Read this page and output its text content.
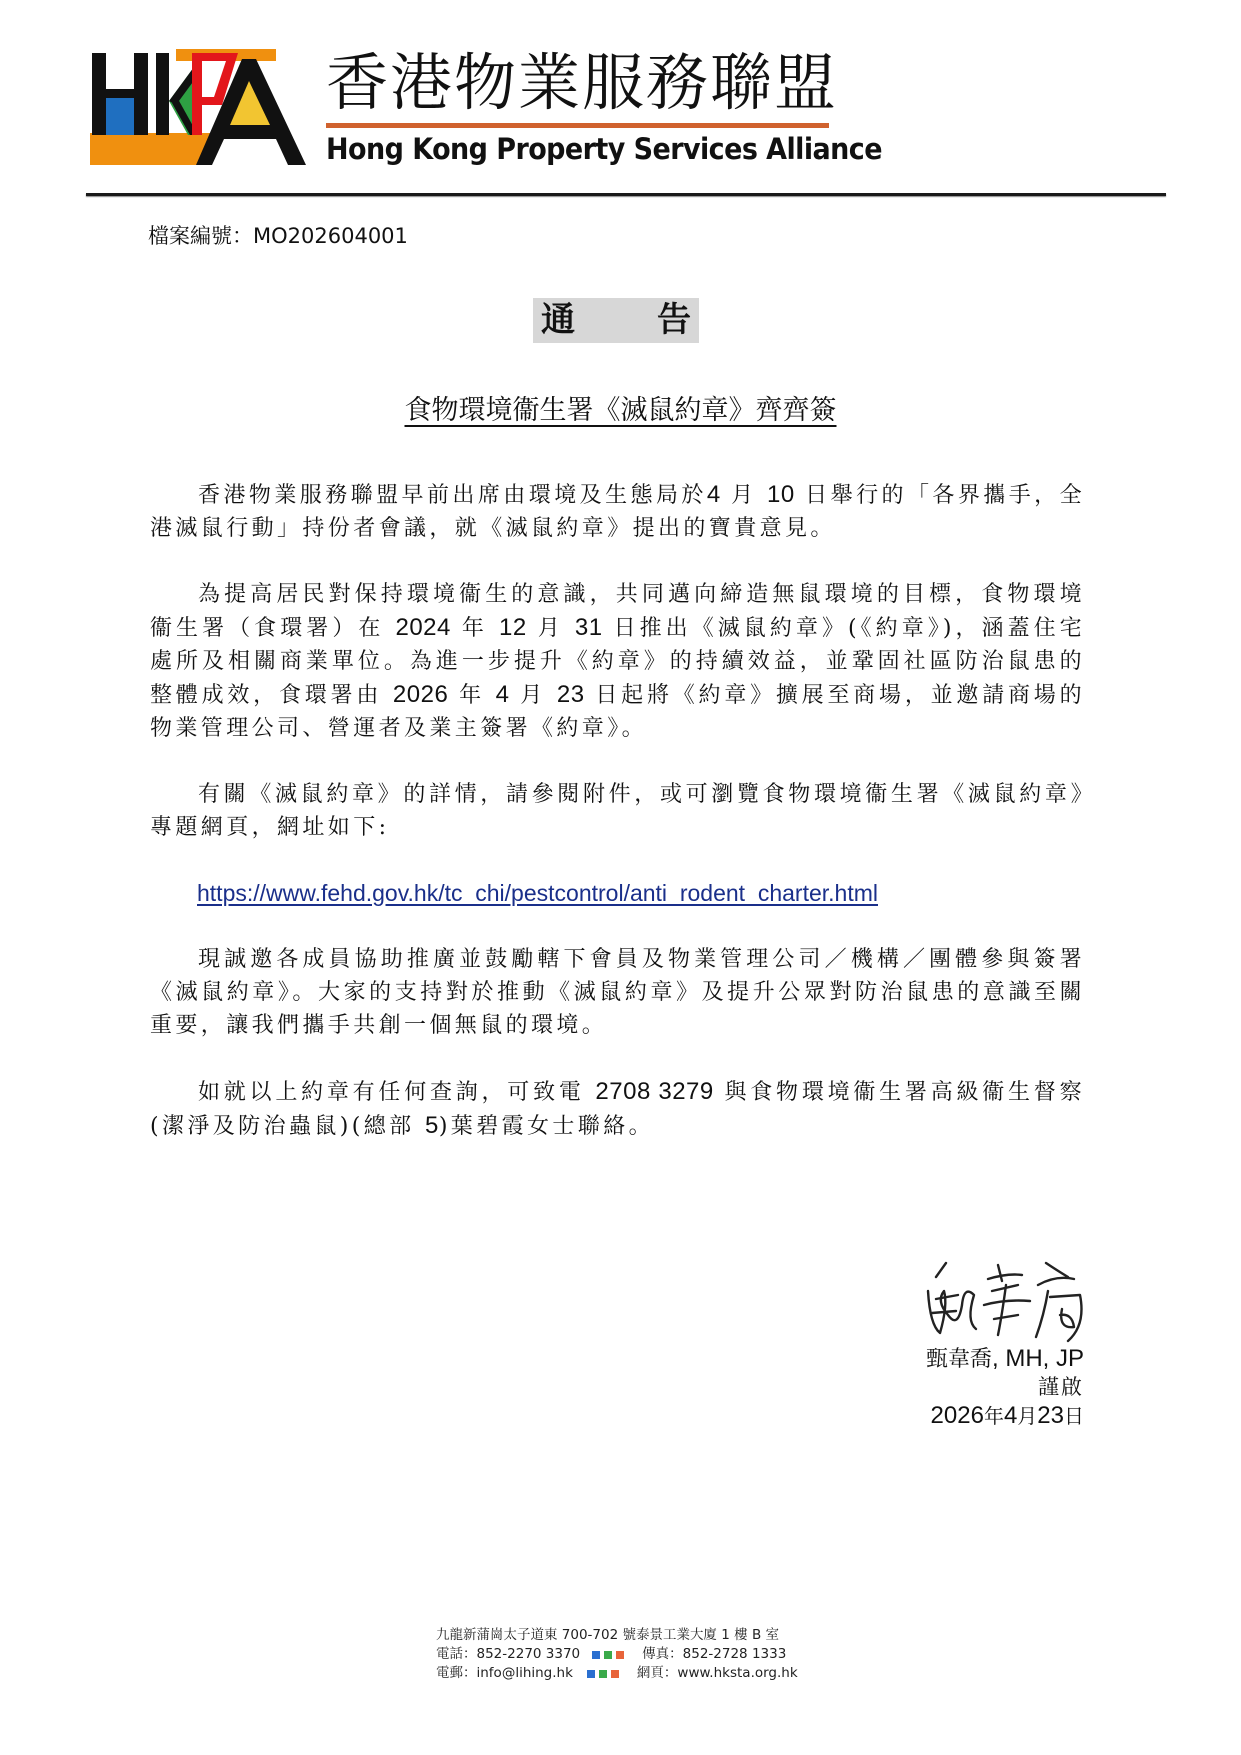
香港物業服務聯盟
Hong Kong Property Services Alliance
檔案編號：MO202604001
通 告
食物環境衞生署《滅鼠約章》齊齊簽

香港物業服務聯盟早前出席由環境及生態局於4 月 10 日舉行的「各界攜手，全港滅鼠行動」持份者會議，就《滅鼠約章》提出的寶貴意見。

為提高居民對保持環境衞生的意識，共同邁向締造無鼠環境的目標，食物環境衞生署（食環署）在 2024 年 12 月 31 日推出《滅鼠約章》(《約章》)，涵蓋住宅處所及相關商業單位。為進一步提升《約章》的持續效益，並鞏固社區防治鼠患的整體成效，食環署由 2026 年 4 月 23 日起將《約章》擴展至商場，並邀請商場的物業管理公司、營運者及業主簽署《約章》。

有關《滅鼠約章》的詳情，請參閱附件，或可瀏覽食物環境衞生署《滅鼠約章》專題網頁，網址如下:

https://www.fehd.gov.hk/tc_chi/pestcontrol/anti_rodent_charter.html

現誠邀各成員協助推廣並鼓勵轄下會員及物業管理公司／機構／團體參與簽署《滅鼠約章》。大家的支持對於推動《滅鼠約章》及提升公眾對防治鼠患的意識至關重要，讓我們攜手共創一個無鼠的環境。

如就以上約章有任何查詢，可致電 2708 3279 與食物環境衞生署高級衞生督察(潔淨及防治蟲鼠)(總部 5)葉碧霞女士聯絡。

甄韋喬, MH, JP
謹啟
2026年4月23日
九龍新蒲崗太子道東 700-702 號泰景工業大廈 1 樓 B 室
電話： 852-2270 3370	傳真： 852-2728 1333
電郵： info@lihing.hk	網頁： www.hksta.org.hk
